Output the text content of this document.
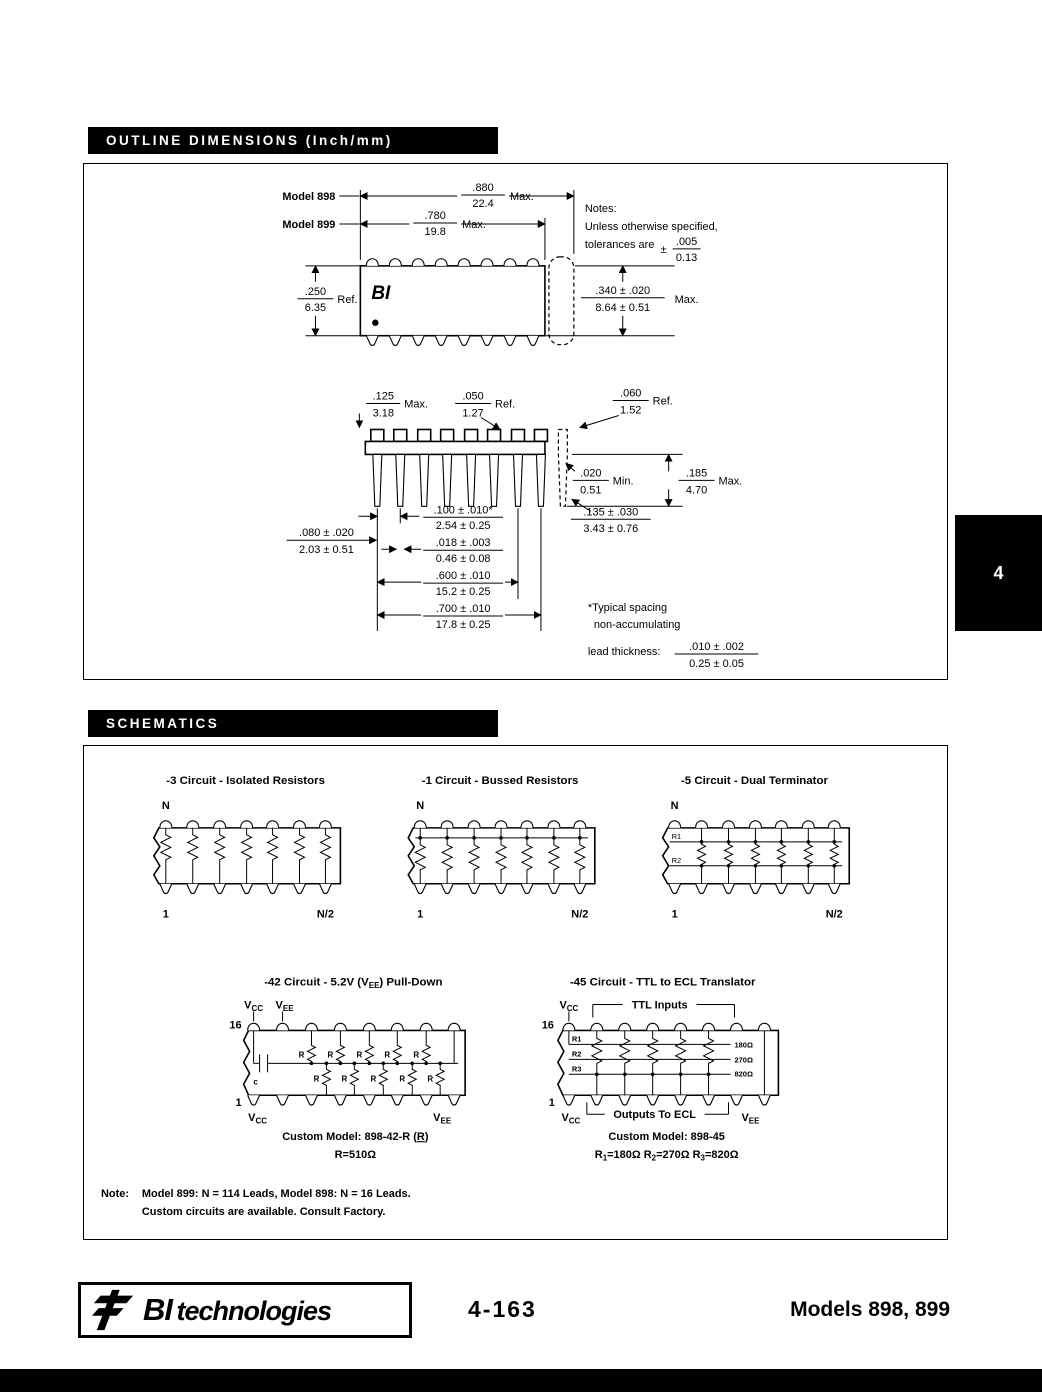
OUTLINE DIMENSIONS (Inch/mm)
BI
Model 898
Model 899
.880
22.4
Max.
.780
19.8
Max.
Notes:
Unless otherwise specified,
tolerances are ±
.005
0.13
.250
6.35
Ref.
.340 ± .020
8.64 ± 0.51
Max.
.125
3.18
Max.
.050
1.27
Ref.
.060
1.52
Ref.
.185
4.70
Max.
.020
0.51
Min.
.100 ± .010*
2.54 ± 0.25
.018 ± .003
0.46 ± 0.08
.600 ± .010
15.2 ± 0.25
.700 ± .010
17.8 ± 0.25
.080 ± .020
2.03 ± 0.51
.135 ± .030
3.43 ± 0.76
*Typical spacing
non-accumulating
lead thickness:	.010 ± .002
0.25 ± 0.05
4
SCHEMATICS
-3 Circuit - Isolated Resistors
N
1	N/2
-1 Circuit - Bussed Resistors
N
1	N/2
-5 Circuit - Dual Terminator
N
R1
R2
1	N/2
-42 Circuit - 5.2V $(V_{EE})$ Pull-Down
$V_{CC}$ $V_{EE}$
16
c
R	R	R	R	R
R	R	R	R	R
1
$V_{CC}$	$V_{EE}$
Custom Model: 898-42-R (R)
R=510Ω
-45 Circuit - TTL to ECL Translator
$V_{CC}$	TTL Inputs
16
R1
R2
R3
180Ω
270Ω
820Ω
1
$V_{CC}$	Outputs To ECL	$V_{EE}$
Custom Model: 898-45
$R_1=180\Omega$ $R_2=270\Omega$ $R_3=820\Omega$
Note: Model 899: N = 114 Leads, Model 898: N = 16 Leads.
Custom circuits are available. Consult Factory.
BI technologies	4-163	Models 898, 899
